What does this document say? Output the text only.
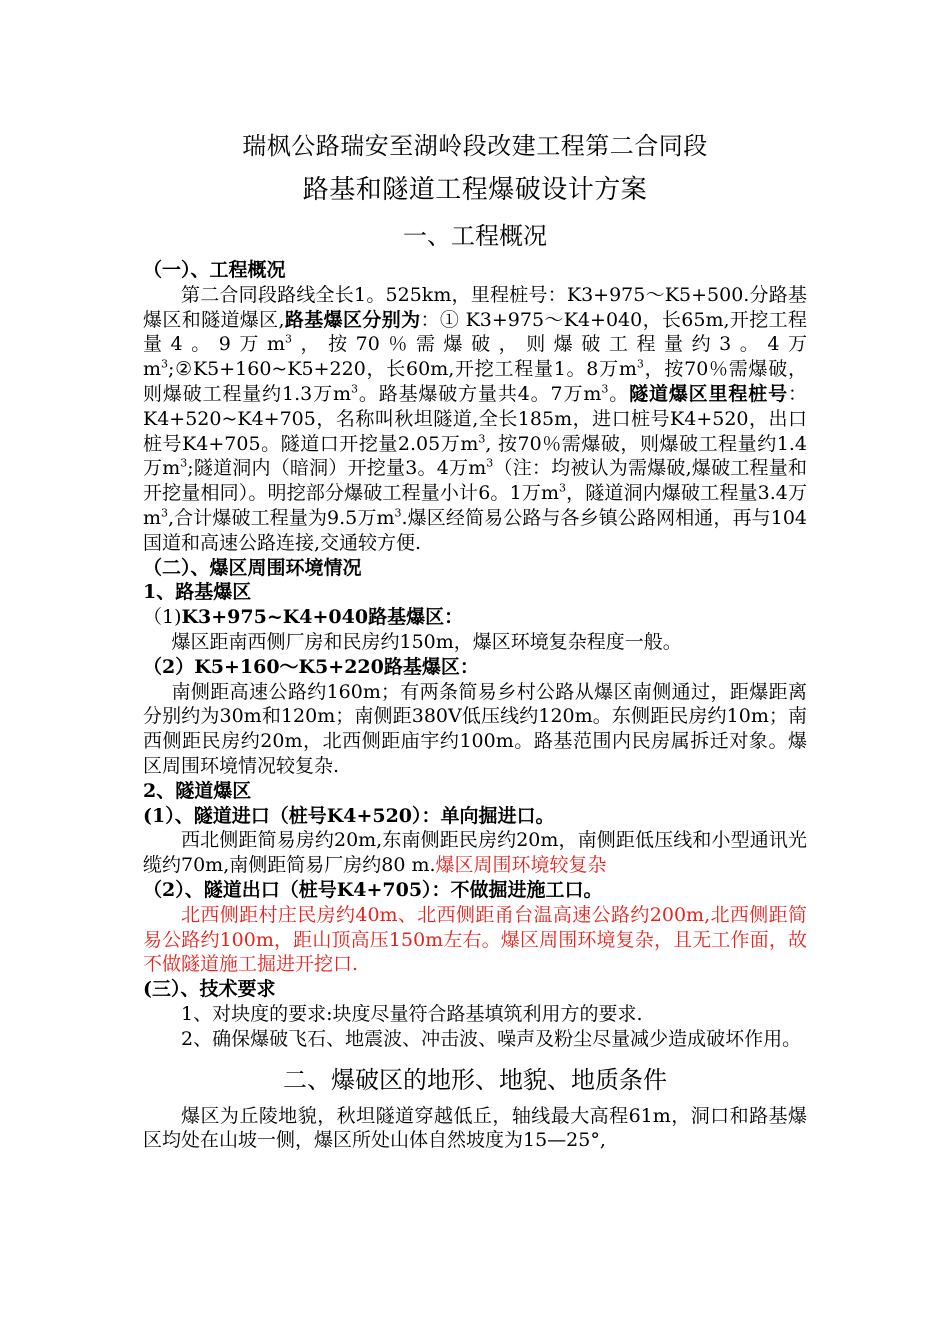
瑞枫公路瑞安至湖岭段改建工程第二合同段

路基和隧道工程爆破设计方案

一、工程概况

（一）、工程概况

第二合同段路线全长1。525km，里程桩号：K3+975～K5+500.分路基爆区和隧道爆区,路基爆区分别为：① K3+975～K4+040，长65m,开挖工程量4。9万$m^3$，按70％需爆破，则爆破工程量约3。4万$m^3;②K5+160\sim K5+220$，长60m,开挖工程量1。8万$m^3$，按70％需爆破，则爆破工程量约1.3万$m^3$。路基爆破方量共4。7万$m^3$。隧道爆区里程桩号：K4+520~K4+705，名称叫秋坦隧道,全长185m，进口桩号K4+520，出口桩号K4+705。隧道口开挖量2.05万$m^3$, 按70％需爆破，则爆破工程量约1.4万$m^3$;隧道洞内（暗洞）开挖量3。4万$m^3$（注：均被认为需爆破,爆破工程量和开挖量相同）。明挖部分爆破工程量小计6。1万$m^3$，隧道洞内爆破工程量3.4万$m^3$,合计爆破工程量为9.5万$m^3$.爆区经简易公路与各乡镇公路网相通，再与104国道和高速公路连接,交通较方便.

（二）、爆区周围环境情况

1、路基爆区

（1)K3+975~K4+040路基爆区：

爆区距南西侧厂房和民房约150m，爆区环境复杂程度一般。

（2）K5+160～K5+220路基爆区：

南侧距高速公路约160m；有两条简易乡村公路从爆区南侧通过，距爆距离分别约为30m和120m；南侧距380V低压线约120m。东侧距民房约10m；南西侧距民房约20m，北西侧距庙宇约100m。路基范围内民房属拆迁对象。爆区周围环境情况较复杂.

2、隧道爆区

(1）、隧道进口（桩号K4+520）：单向掘进口。

西北侧距简易房约20m,东南侧距民房约20m，南侧距低压线和小型通讯光缆约70m,南侧距简易厂房约80 m.爆区周围环境较复杂

（2）、隧道出口（桩号K4+705）：不做掘进施工口。

北西侧距村庄民房约40m、北西侧距甬台温高速公路约200m,北西侧距简易公路约100m，距山顶高压150m左右。爆区周围环境复杂，且无工作面，故不做隧道施工掘进开挖口.

(三）、技术要求

1、对块度的要求:块度尽量符合路基填筑利用方的要求.

2、确保爆破飞石、地震波、冲击波、噪声及粉尘尽量减少造成破坏作用。

二、爆破区的地形、地貌、地质条件

爆区为丘陵地貌，秋坦隧道穿越低丘，轴线最大高程61m，洞口和路基爆区均处在山坡一侧，爆区所处山体自然坡度为15—25°,
